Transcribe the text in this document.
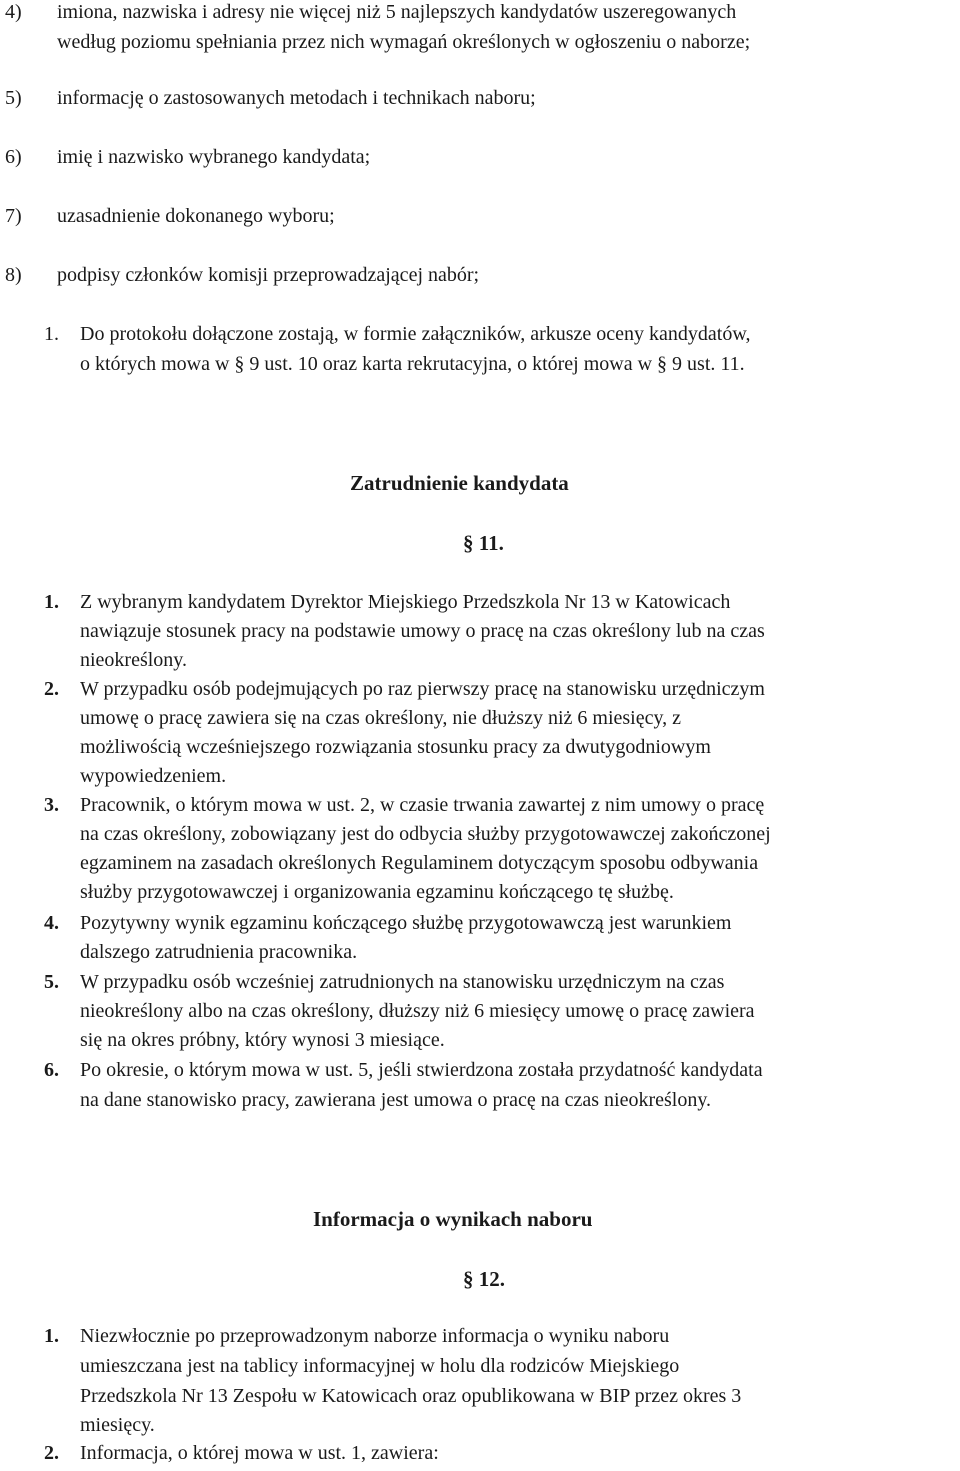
4) imiona, nazwiska i adresy nie więcej niż 5 najlepszych kandydatów uszeregowanych
według poziomu spełniania przez nich wymagań określonych w ogłoszeniu o naborze;
5) informację o zastosowanych metodach i technikach naboru;
6) imię i nazwisko wybranego kandydata;
7) uzasadnienie dokonanego wyboru;
8) podpisy członków komisji przeprowadzającej nabór;
1. Do protokołu dołączone zostają, w formie załączników, arkusze oceny kandydatów,
o których mowa w § 9 ust. 10 oraz karta rekrutacyjna, o której mowa w § 9 ust. 11.
Zatrudnienie kandydata
§ 11.
1. Z wybranym kandydatem Dyrektor Miejskiego Przedszkola Nr 13 w Katowicach
nawiązuje stosunek pracy na podstawie umowy o pracę na czas określony lub na czas
nieokreślony.
2. W przypadku osób podejmujących po raz pierwszy pracę na stanowisku urzędniczym
umowę o pracę zawiera się na czas określony, nie dłuższy niż 6 miesięcy, z
możliwością wcześniejszego rozwiązania stosunku pracy za dwutygodniowym
wypowiedzeniem.
3. Pracownik, o którym mowa w ust. 2, w czasie trwania zawartej z nim umowy o pracę
na czas określony, zobowiązany jest do odbycia służby przygotowawczej zakończonej
egzaminem na zasadach określonych Regulaminem dotyczącym sposobu odbywania
służby przygotowawczej i organizowania egzaminu kończącego tę służbę.
4. Pozytywny wynik egzaminu kończącego służbę przygotowawczą jest warunkiem
dalszego zatrudnienia pracownika.
5. W przypadku osób wcześniej zatrudnionych na stanowisku urzędniczym na czas
nieokreślony albo na czas określony, dłuższy niż 6 miesięcy umowę o pracę zawiera
się na okres próbny, który wynosi 3 miesiące.
6. Po okresie, o którym mowa w ust. 5, jeśli stwierdzona została przydatność kandydata
na dane stanowisko pracy, zawierana jest umowa o pracę na czas nieokreślony.
Informacja o wynikach naboru
§ 12.
1. Niezwłocznie po przeprowadzonym naborze informacja o wyniku naboru
umieszczana jest na tablicy informacyjnej w holu dla rodziców Miejskiego
Przedszkola Nr 13 Zespołu w Katowicach oraz opublikowana w BIP przez okres 3
miesięcy.
2. Informacja, o której mowa w ust. 1, zawiera:
